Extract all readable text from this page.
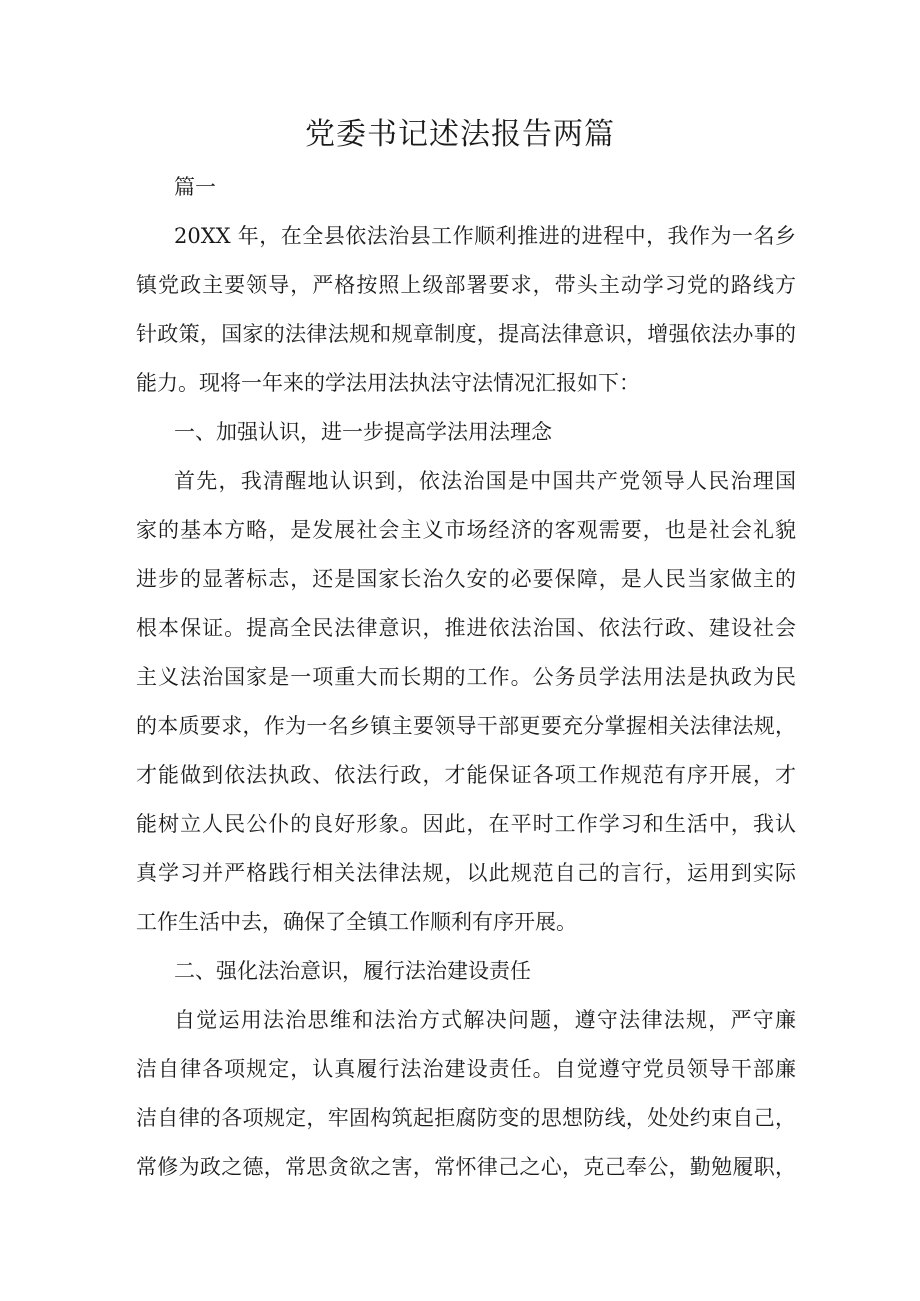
党委书记述法报告两篇

篇一

20XX 年，在全县依法治县工作顺利推进的进程中，我作为一名乡

镇党政主要领导，严格按照上级部署要求，带头主动学习党的路线方

针政策，国家的法律法规和规章制度，提高法律意识，增强依法办事的

能力。现将一年来的学法用法执法守法情况汇报如下：

一、加强认识，进一步提高学法用法理念

首先，我清醒地认识到，依法治国是中国共产党领导人民治理国

家的基本方略，是发展社会主义市场经济的客观需要，也是社会礼貌

进步的显著标志，还是国家长治久安的必要保障，是人民当家做主的

根本保证。提高全民法律意识，推进依法治国、依法行政、建设社会

主义法治国家是一项重大而长期的工作。公务员学法用法是执政为民

的本质要求，作为一名乡镇主要领导干部更要充分掌握相关法律法规，

才能做到依法执政、依法行政，才能保证各项工作规范有序开展，才

能树立人民公仆的良好形象。因此，在平时工作学习和生活中，我认

真学习并严格践行相关法律法规，以此规范自己的言行，运用到实际

工作生活中去，确保了全镇工作顺利有序开展。

二、强化法治意识，履行法治建设责任

自觉运用法治思维和法治方式解决问题，遵守法律法规，严守廉

洁自律各项规定，认真履行法治建设责任。自觉遵守党员领导干部廉

洁自律的各项规定，牢固构筑起拒腐防变的思想防线，处处约束自己，

常修为政之德，常思贪欲之害，常怀律己之心，克己奉公，勤勉履职，
